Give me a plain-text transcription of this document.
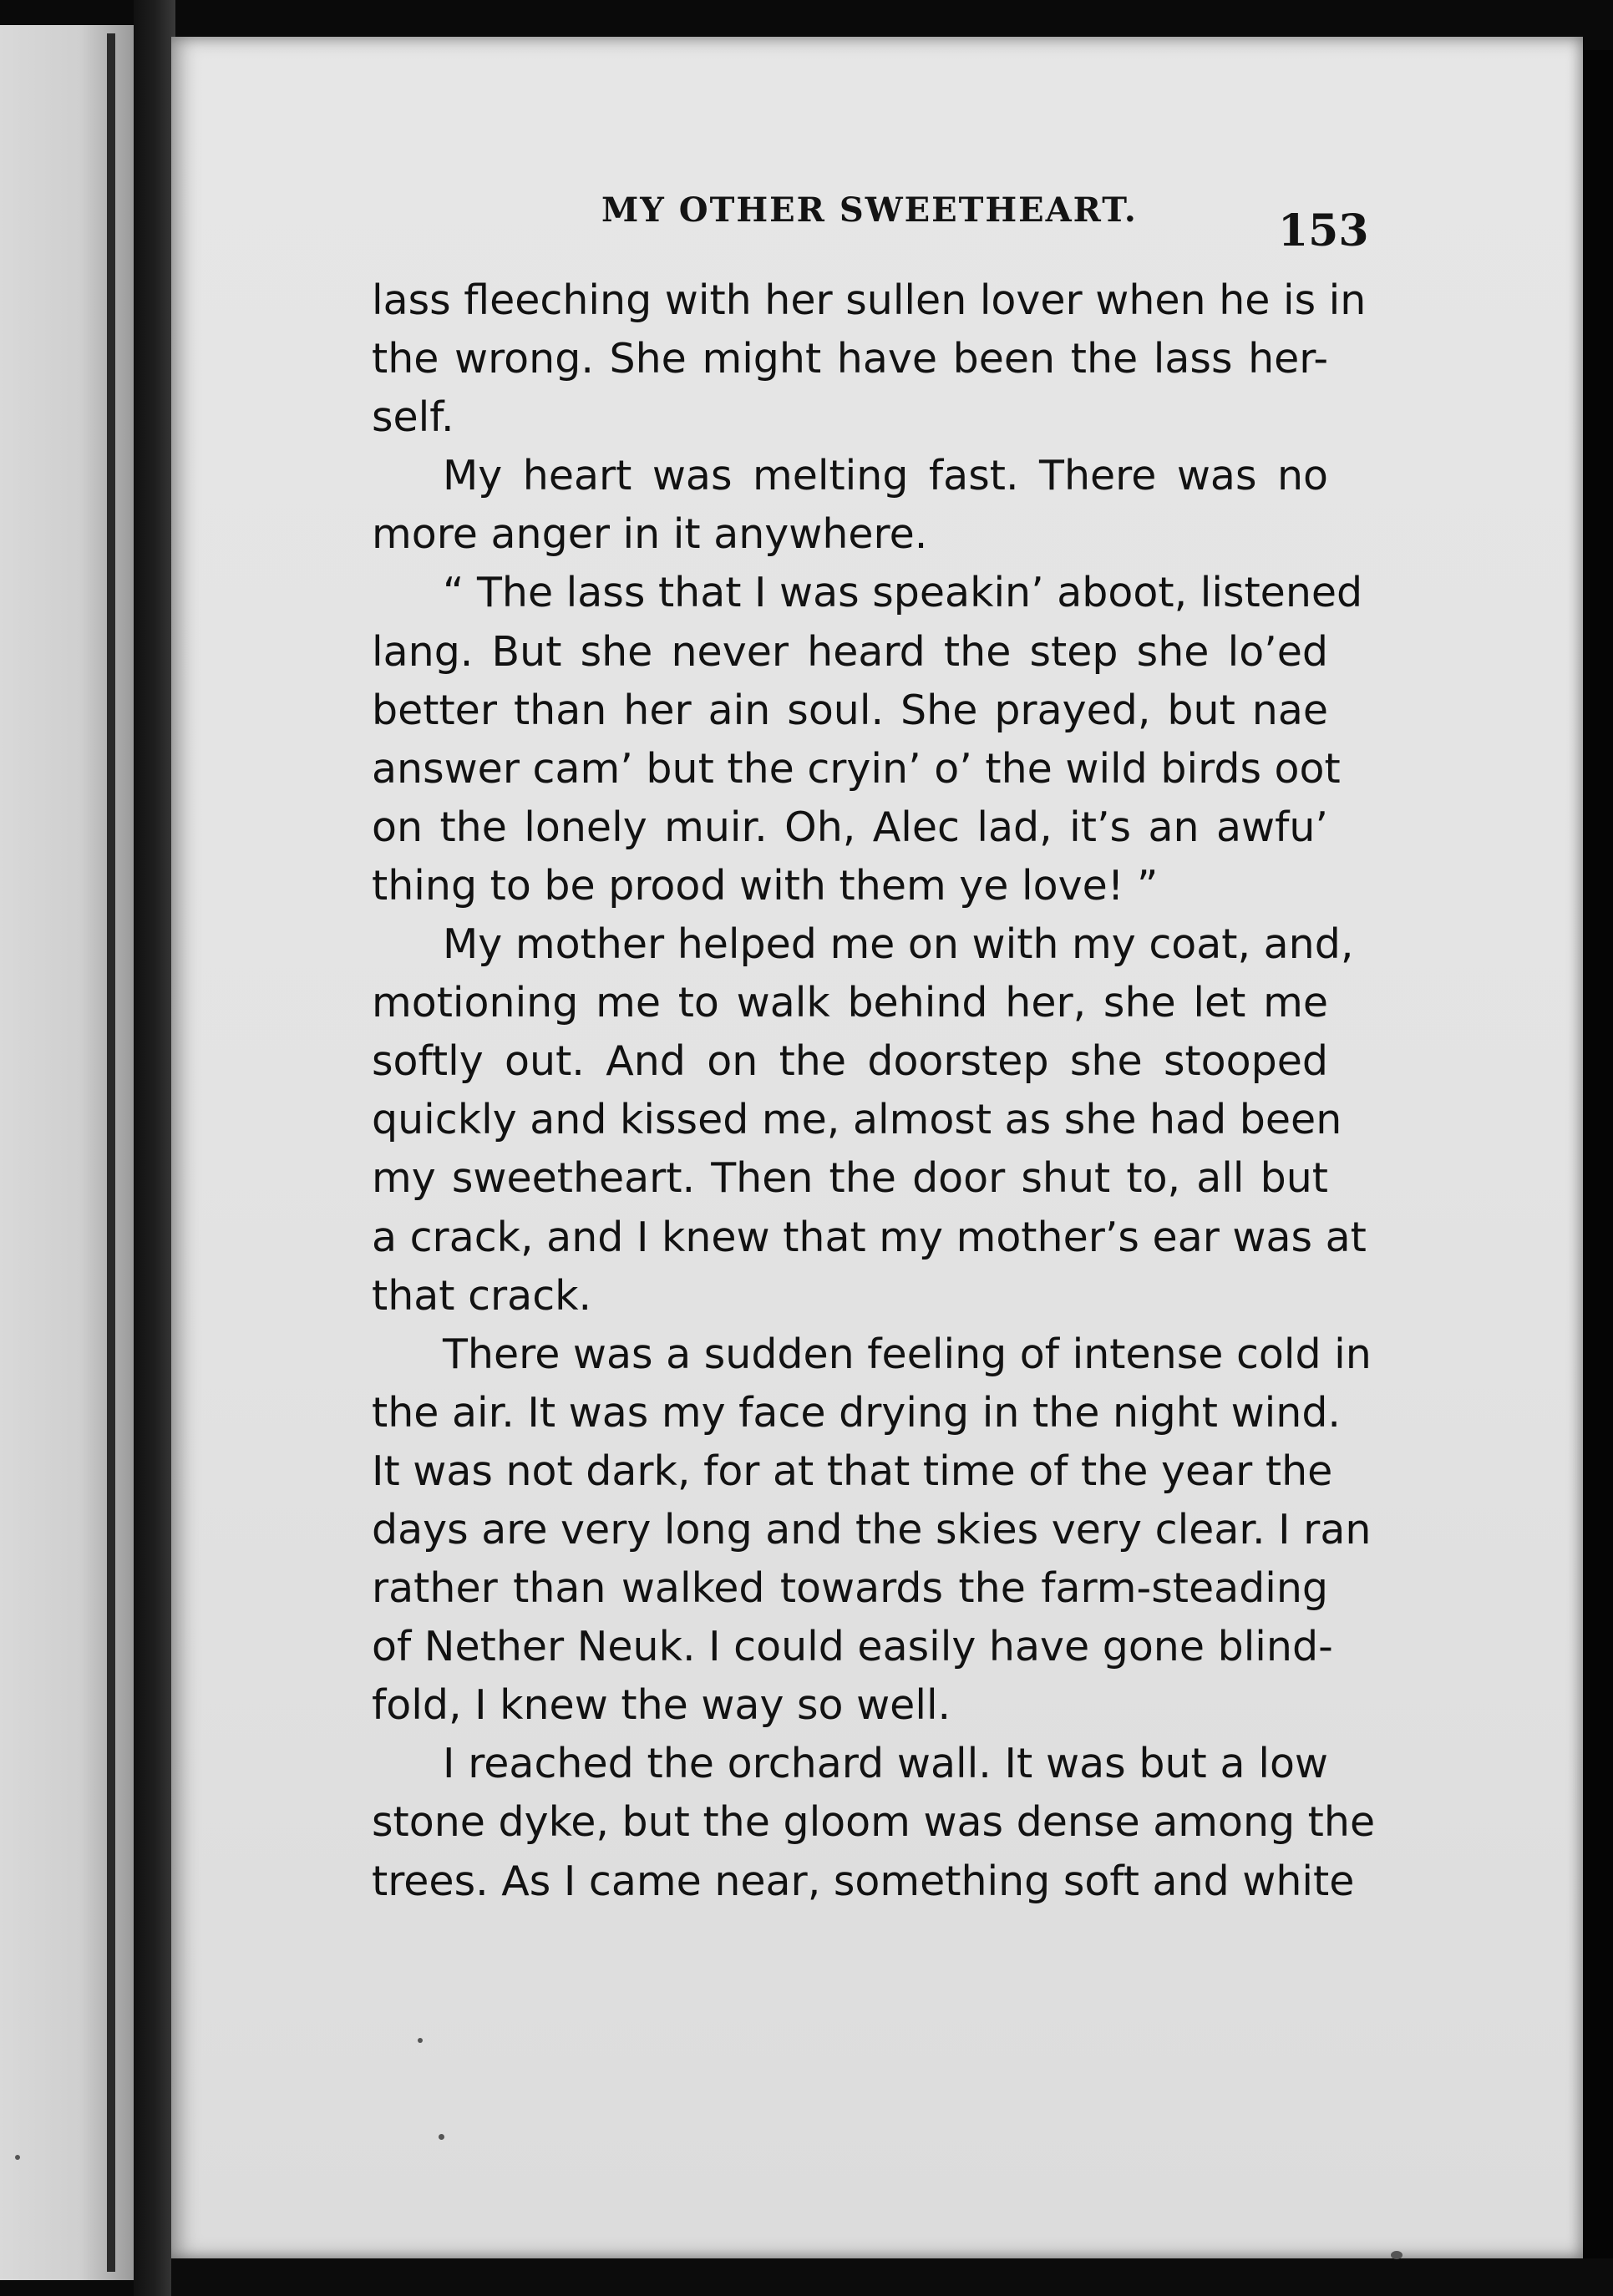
MY OTHER SWEETHEART.	153
lass fleeching with her sullen lover when he is in
the wrong. She might have been the lass her-
self.
My heart was melting fast. There was no
more anger in it anywhere.
“ The lass that I was speakin’ aboot, listened
lang. But she never heard the step she lo’ed
better than her ain soul. She prayed, but nae
answer cam’ but the cryin’ o’ the wild birds oot
on the lonely muir. Oh, Alec lad, it’s an awfu’
thing to be prood with them ye love! ”
My mother helped me on with my coat, and,
motioning me to walk behind her, she let me
softly out. And on the doorstep she stooped
quickly and kissed me, almost as she had been
my sweetheart. Then the door shut to, all but
a crack, and I knew that my mother’s ear was at
that crack.
There was a sudden feeling of intense cold in
the air. It was my face drying in the night wind.
It was not dark, for at that time of the year the
days are very long and the skies very clear. I ran
rather than walked towards the farm-steading
of Nether Neuk. I could easily have gone blind-
fold, I knew the way so well.
I reached the orchard wall. It was but a low
stone dyke, but the gloom was dense among the
trees. As I came near, something soft and white
